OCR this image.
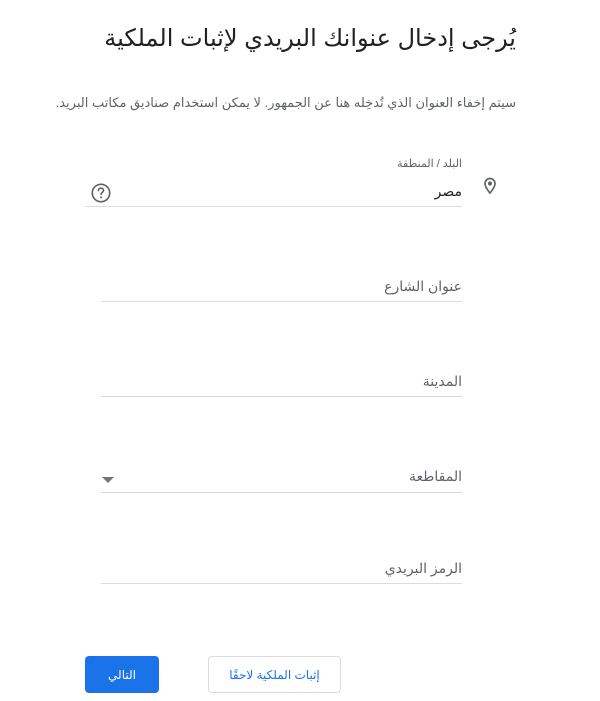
يُرجى إدخال عنوانك البريدي لإثبات الملكية

سيتم إخفاء العنوان الذي تُدخِله هنا عن الجمهور. لا يمكن استخدام صناديق مكاتب البريد.

البلد / المنطقة
مصر
عنوان الشارع
المدينة
المقاطعة
الرمز البريدي
إثبات الملكية لاحقًا
التالي
